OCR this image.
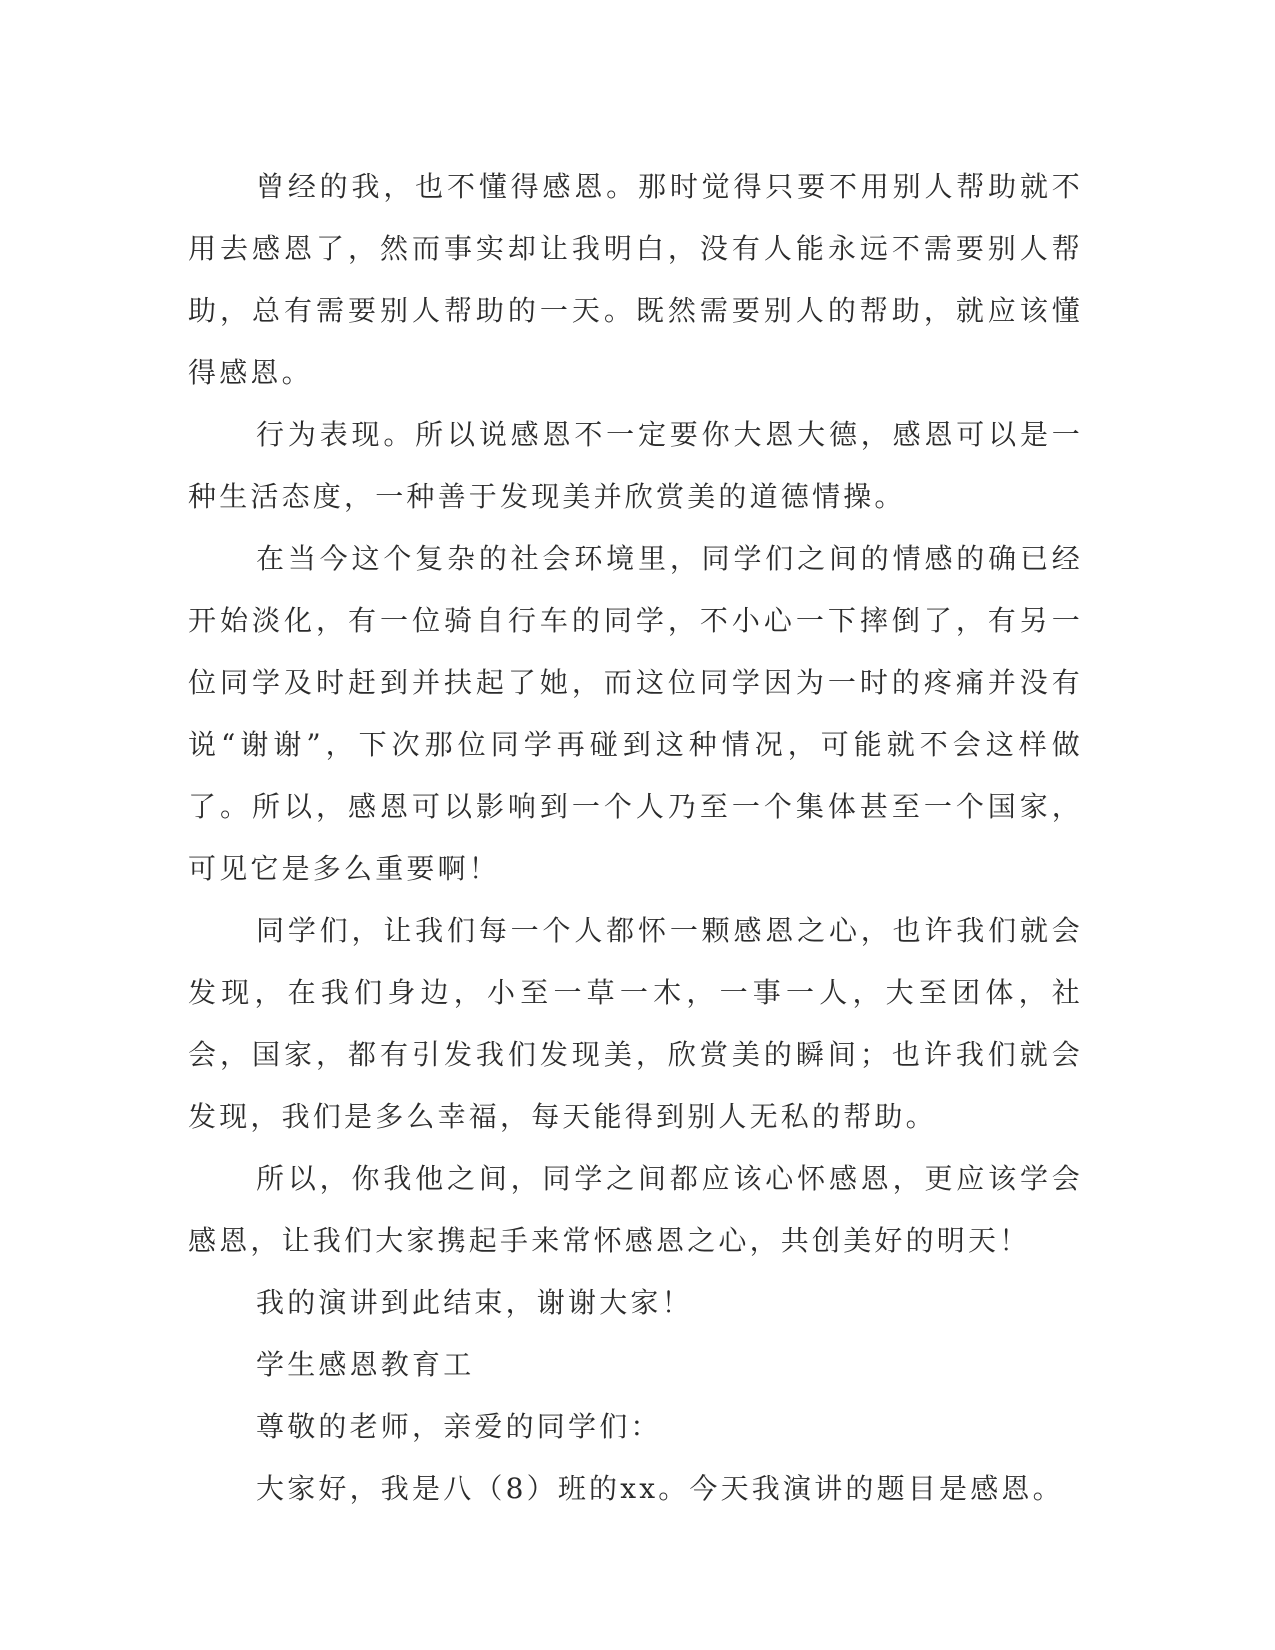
曾经的我，也不懂得感恩。那时觉得只要不用别人帮助就不用去感恩了，然而事实却让我明白，没有人能永远不需要别人帮助，总有需要别人帮助的一天。既然需要别人的帮助，就应该懂得感恩。

行为表现。所以说感恩不一定要你大恩大德，感恩可以是一种生活态度，一种善于发现美并欣赏美的道德情操。

在当今这个复杂的社会环境里，同学们之间的情感的确已经开始淡化，有一位骑自行车的同学，不小心一下摔倒了，有另一位同学及时赶到并扶起了她，而这位同学因为一时的疼痛并没有说“谢谢”，下次那位同学再碰到这种情况，可能就不会这样做了。所以，感恩可以影响到一个人乃至一个集体甚至一个国家，可见它是多么重要啊！

同学们，让我们每一个人都怀一颗感恩之心，也许我们就会发现，在我们身边，小至一草一木，一事一人，大至团体，社会，国家，都有引发我们发现美，欣赏美的瞬间；也许我们就会发现，我们是多么幸福，每天能得到别人无私的帮助。

所以，你我他之间，同学之间都应该心怀感恩，更应该学会感恩，让我们大家携起手来常怀感恩之心，共创美好的明天！

我的演讲到此结束，谢谢大家！

学生感恩教育工

尊敬的老师，亲爱的同学们：

大家好，我是八（8）班的xx。今天我演讲的题目是感恩。
